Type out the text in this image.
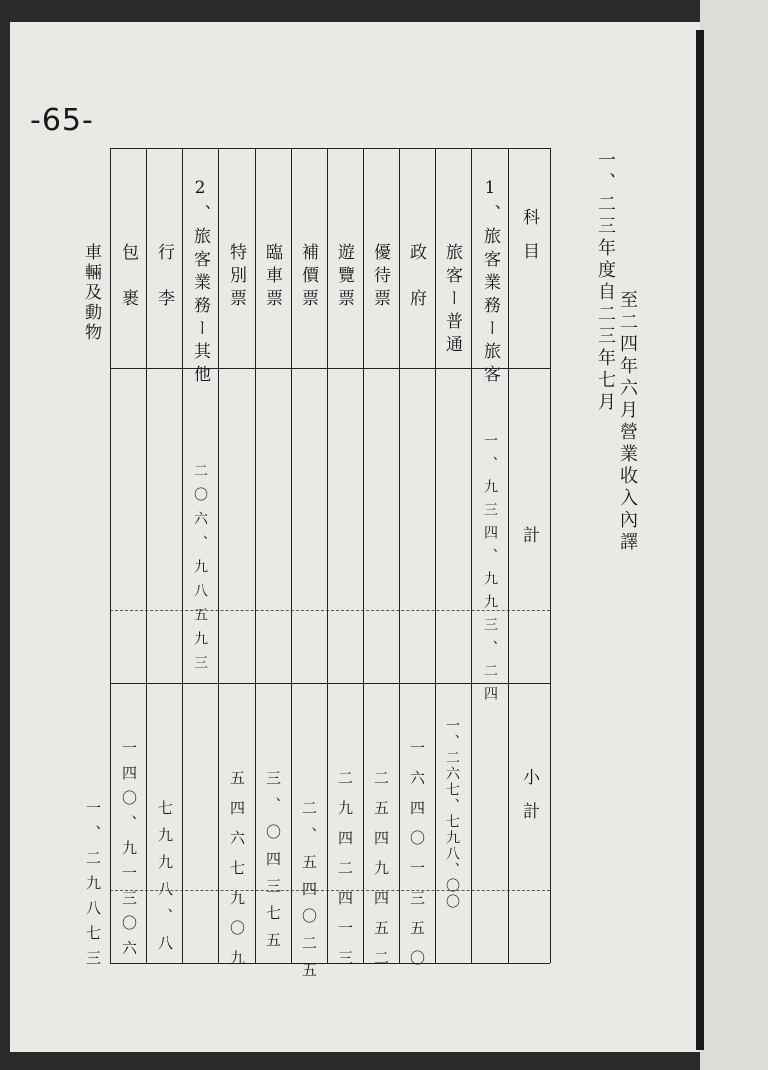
-65-
一、二三年度自二三年七月
至二四年六月營業收入內譯
科　目
計
小　計
1、旅客業務ー旅客
旅客ー普通
政　府
優待票
遊覽票
補價票
臨車票
特別票
2、旅客業務ー其他
行　李
包　裹
車輛及動物
一、九三四、九九三、二四
二〇六、九八五九三
一、二六七、七九八、〇〇
一六四〇一三五〇
二五四九四五二
二九四二四一三
二、五四〇二五
三、〇四三七五
五四六七九〇九
七九九八、八
一四〇、九一三〇六
一、二九八七三
